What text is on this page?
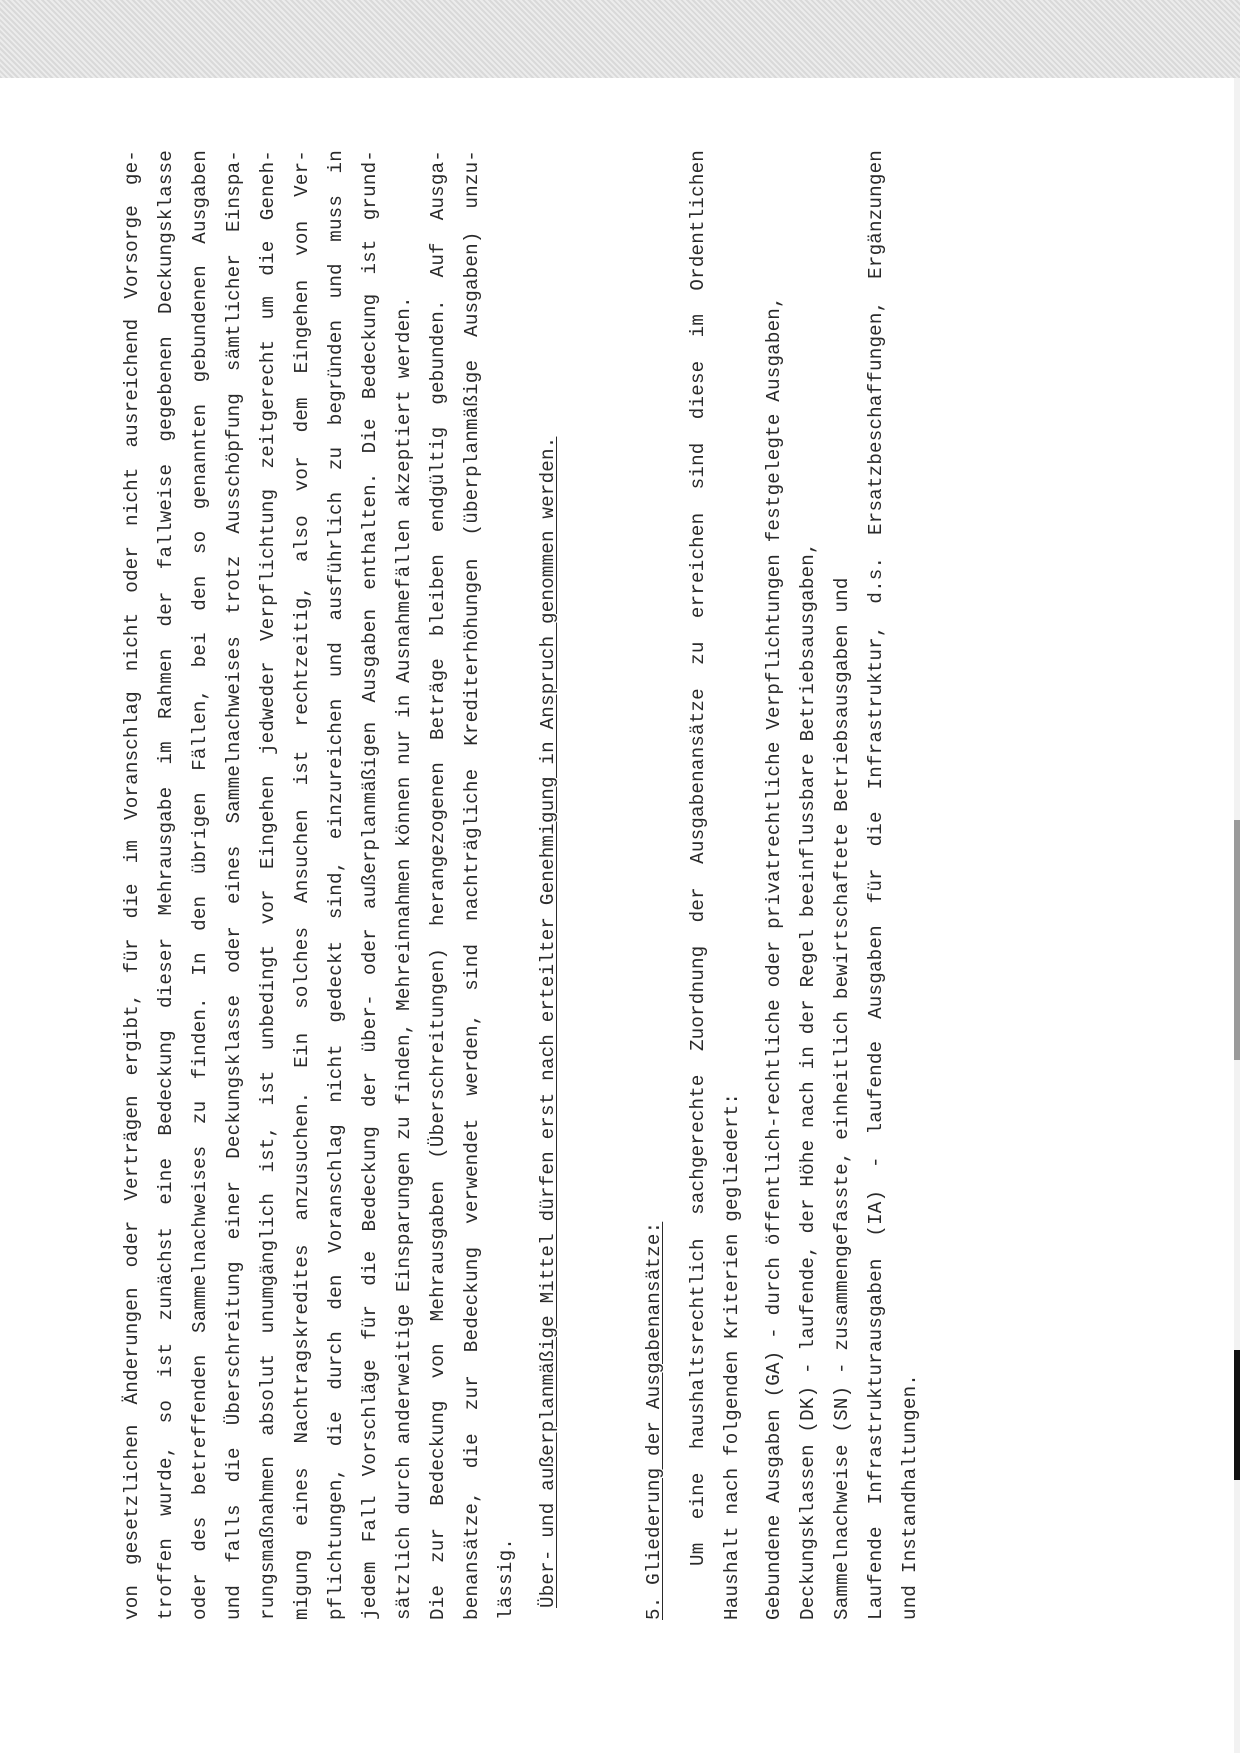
von gesetzlichen Änderungen oder Verträgen ergibt, für die im Voranschlag nicht oder nicht ausreichend Vorsorge ge- troffen wurde, so ist zunächst eine Bedeckung dieser Mehrausgabe im Rahmen der fallweise gegebenen Deckungsklasse oder des betreffenden Sammelnachweises zu finden. In den übrigen Fällen, bei den so genannten gebundenen Ausgaben und falls die Überschreitung einer Deckungsklasse oder eines Sammelnachweises trotz Ausschöpfung sämtlicher Einspa- rungsmaßnahmen absolut unumgänglich ist, ist unbedingt vor Eingehen jedweder Verpflichtung zeitgerecht um die Geneh- migung eines Nachtragskredites anzusuchen. Ein solches Ansuchen ist rechtzeitig, also vor dem Eingehen von Ver- pflichtungen, die durch den Voranschlag nicht gedeckt sind, einzureichen und ausführlich zu begründen und muss in jedem Fall Vorschläge für die Bedeckung der über- oder außerplanmäßigen Ausgaben enthalten. Die Bedeckung ist grund- sätzlich durch anderweitige Einsparungen zu finden, Mehreinnahmen können nur in Ausnahmefällen akzeptiert werden. Die zur Bedeckung von Mehrausgaben (Überschreitungen) herangezogenen Beträge bleiben endgültig gebunden. Auf Ausga- benansätze, die zur Bedeckung verwendet werden, sind nachträgliche Krediterhöhungen (überplanmäßige Ausgaben) unzu- lässig. Über- und außerplanmäßige Mittel dürfen erst nach erteilter Genehmigung in Anspruch genommen werden.	5. Gliederung der Ausgabenansätze: Um eine haushaltsrechtlich sachgerechte Zuordnung der Ausgabenansätze zu erreichen sind diese im Ordentlichen Haushalt nach folgenden Kriterien gegliedert: Gebundene Ausgaben (GA) - durch öffentlich-rechtliche oder privatrechtliche Verpflichtungen festgelegte Ausgaben, Deckungsklassen (DK) - laufende, der Höhe nach in der Regel beeinflussbare Betriebsausgaben, Sammelnachweise (SN) - zusammengefasste, einheitlich bewirtschaftete Betriebsausgaben und Laufende Infrastrukturausgaben (IA) - laufende Ausgaben für die Infrastruktur, d.s. Ersatzbeschaffungen, Ergänzungen und Instandhaltungen.
